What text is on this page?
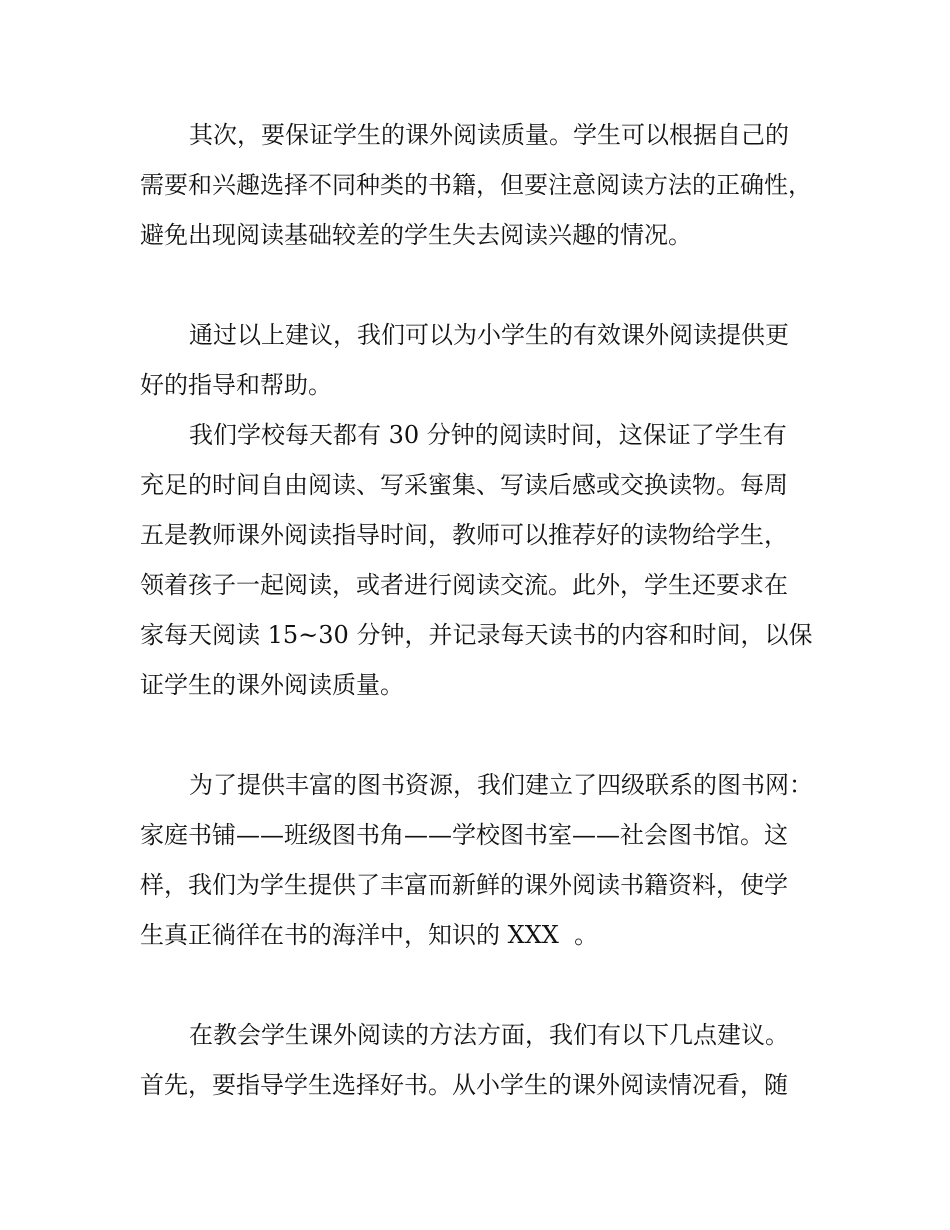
其次，要保证学生的课外阅读质量。学生可以根据自己的
需要和兴趣选择不同种类的书籍，但要注意阅读方法的正确性，
避免出现阅读基础较差的学生失去阅读兴趣的情况。
通过以上建议，我们可以为小学生的有效课外阅读提供更
好的指导和帮助。
我们学校每天都有 30 分钟的阅读时间，这保证了学生有
充足的时间自由阅读、写采蜜集、写读后感或交换读物。每周
五是教师课外阅读指导时间，教师可以推荐好的读物给学生，
领着孩子一起阅读，或者进行阅读交流。此外，学生还要求在
家每天阅读 15~30 分钟，并记录每天读书的内容和时间，以保
证学生的课外阅读质量。
为了提供丰富的图书资源，我们建立了四级联系的图书网：
家庭书铺——班级图书角——学校图书室——社会图书馆。这
样，我们为学生提供了丰富而新鲜的课外阅读书籍资料，使学
生真正徜徉在书的海洋中，知识的 XXX  。
在教会学生课外阅读的方法方面，我们有以下几点建议。
首先，要指导学生选择好书。从小学生的课外阅读情况看，随
